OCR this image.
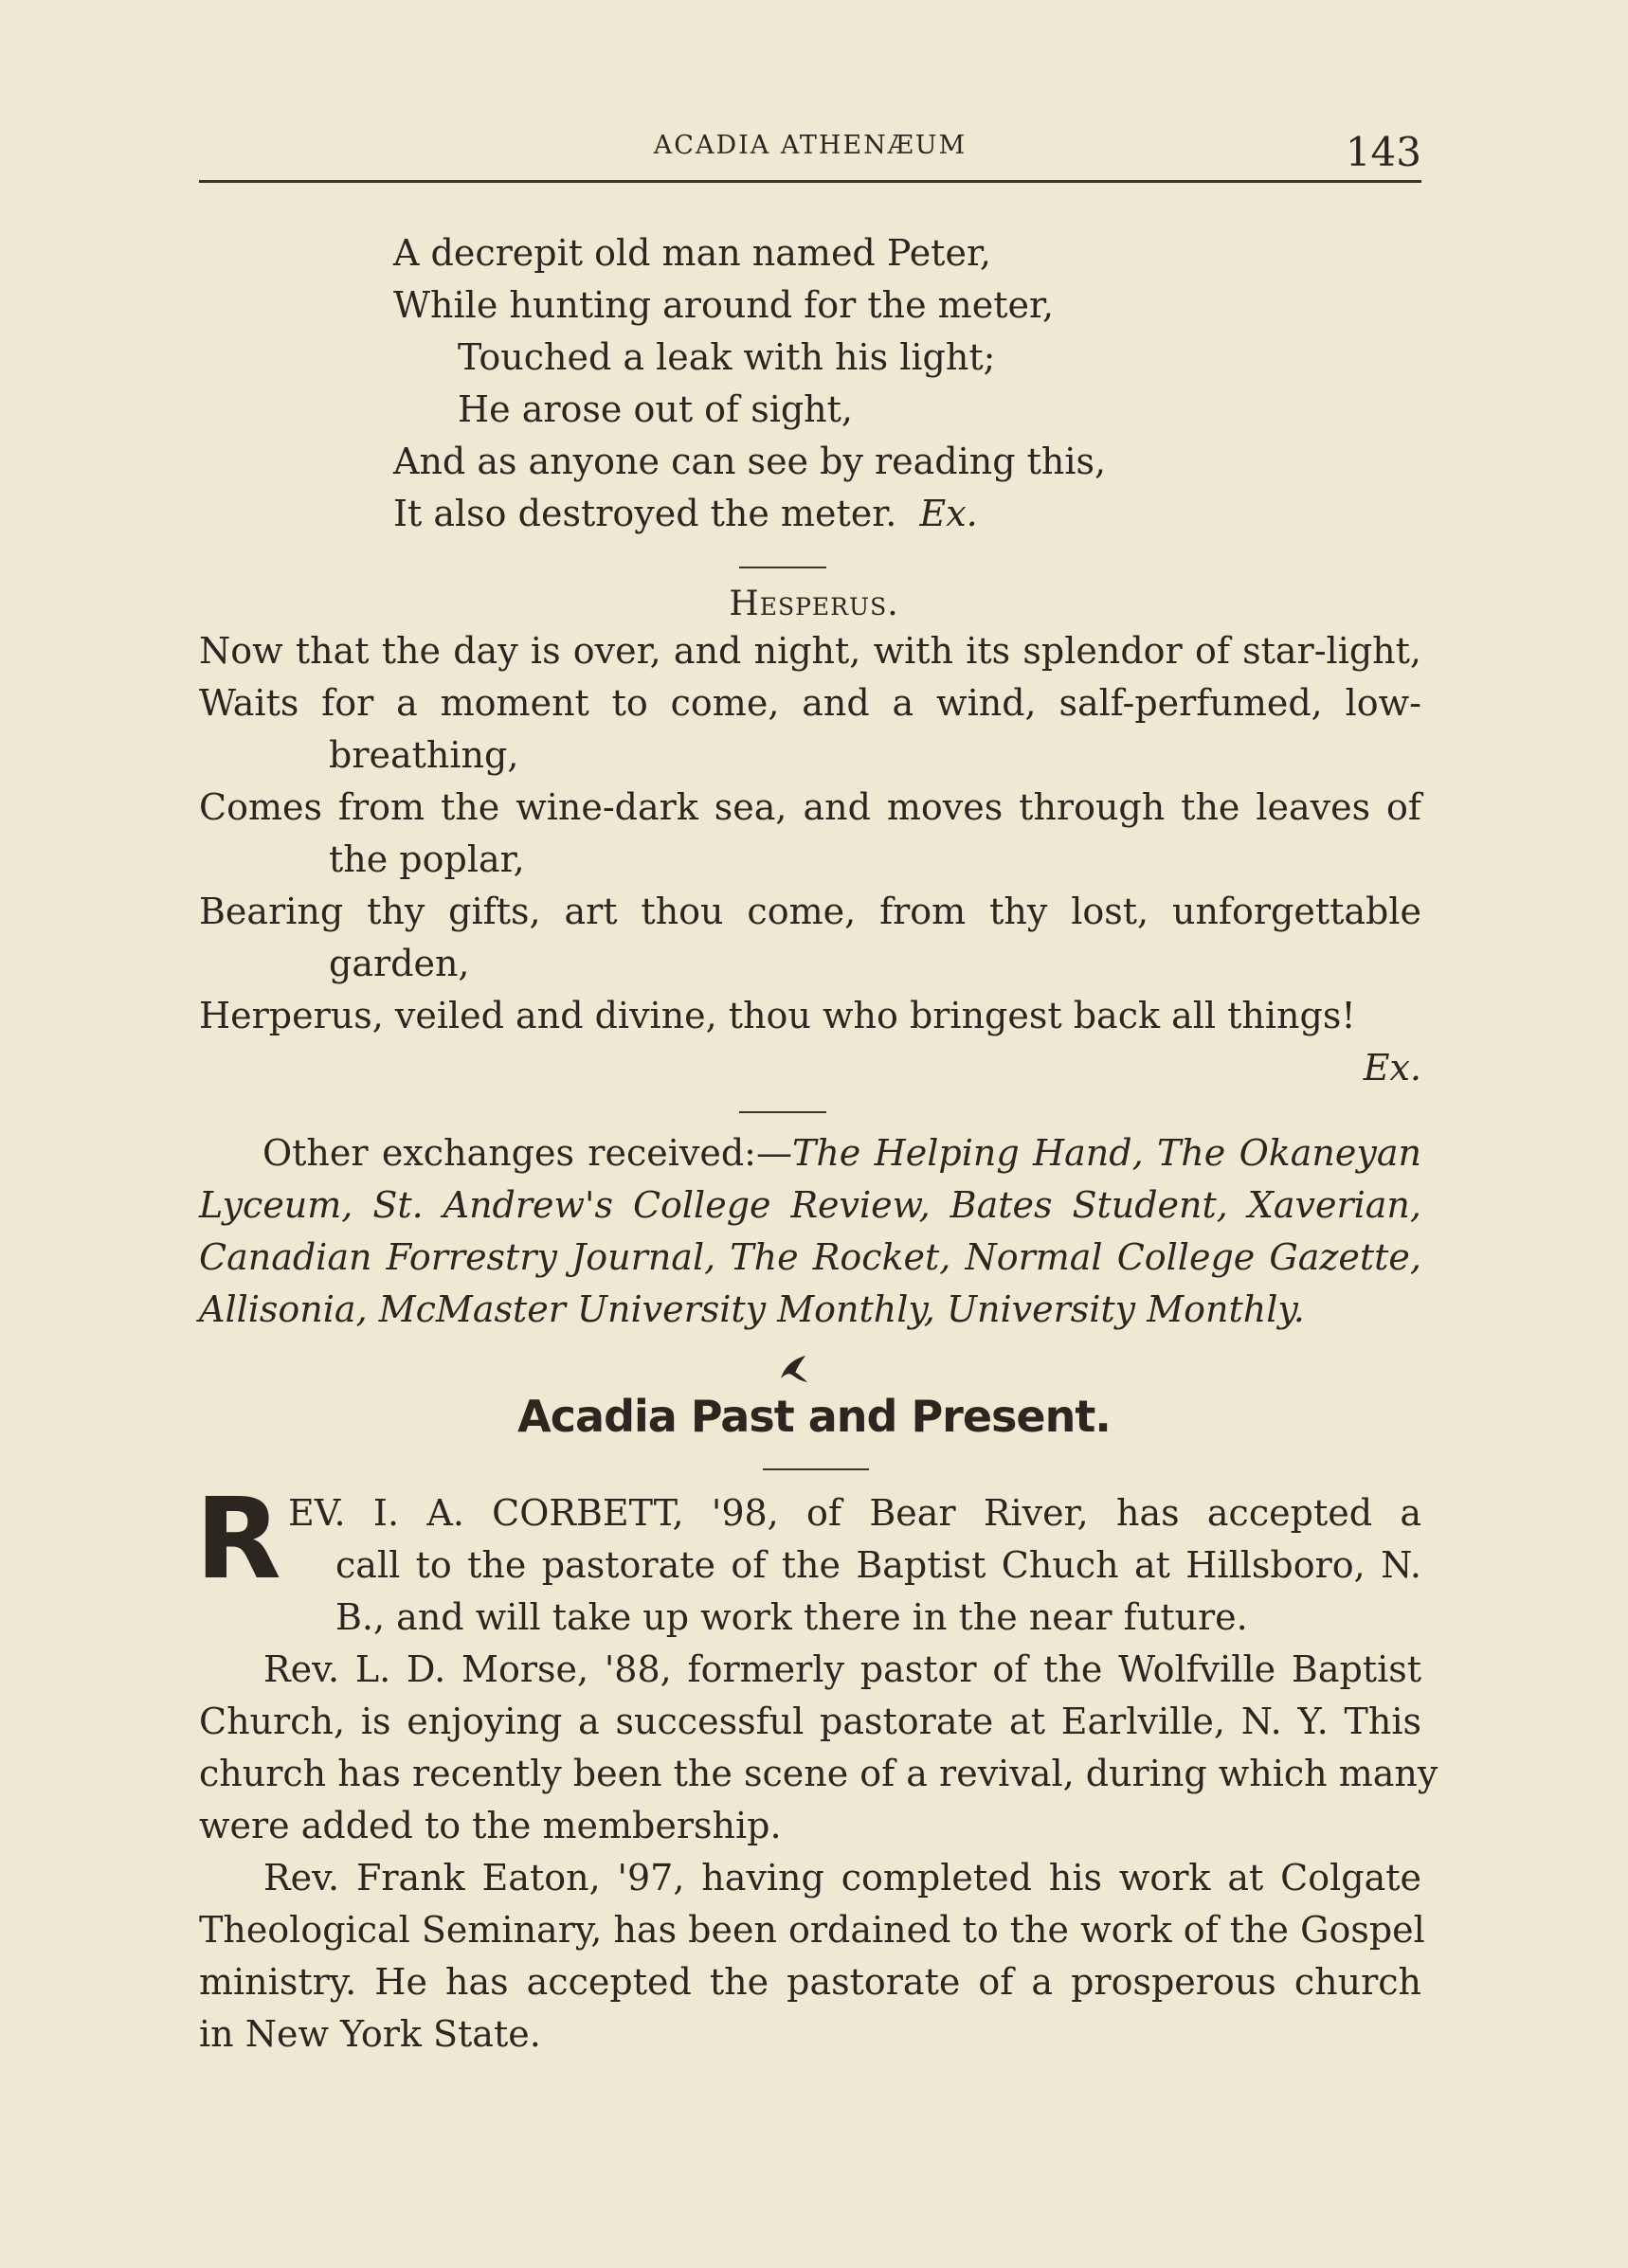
ACADIA ATHENÆUM	143
A decrepit old man named Peter,
While hunting around for the meter,
Touched a leak with his light;
He arose out of sight,
And as anyone can see by reading this,
It also destroyed the meter. Ex.
Hesperus.
Now that the day is over, and night, with its splendor of star-light,
Waits for a moment to come, and a wind, salf-perfumed, low-
breathing,
Comes from the wine-dark sea, and moves through the leaves of
the poplar,
Bearing thy gifts, art thou come, from thy lost, unforgettable
garden,
Herperus, veiled and divine, thou who bringest back all things!
Ex.
Other exchanges received:—The Helping Hand, The Okaneyan
Lyceum, St. Andrew's College Review, Bates Student, Xaverian,
Canadian Forrestry Journal, The Rocket, Normal College Gazette,
Allisonia, McMaster University Monthly, University Monthly.
Acadia Past and Present.
R EV. I. A. CORBETT, '98, of Bear River, has accepted a
call to the pastorate of the Baptist Chuch at Hillsboro, N.
B., and will take up work there in the near future.
Rev. L. D. Morse, '88, formerly pastor of the Wolfville Baptist
Church, is enjoying a successful pastorate at Earlville, N. Y. This
church has recently been the scene of a revival, during which many
were added to the membership.
Rev. Frank Eaton, '97, having completed his work at Colgate
Theological Seminary, has been ordained to the work of the Gospel
ministry. He has accepted the pastorate of a prosperous church
in New York State.
